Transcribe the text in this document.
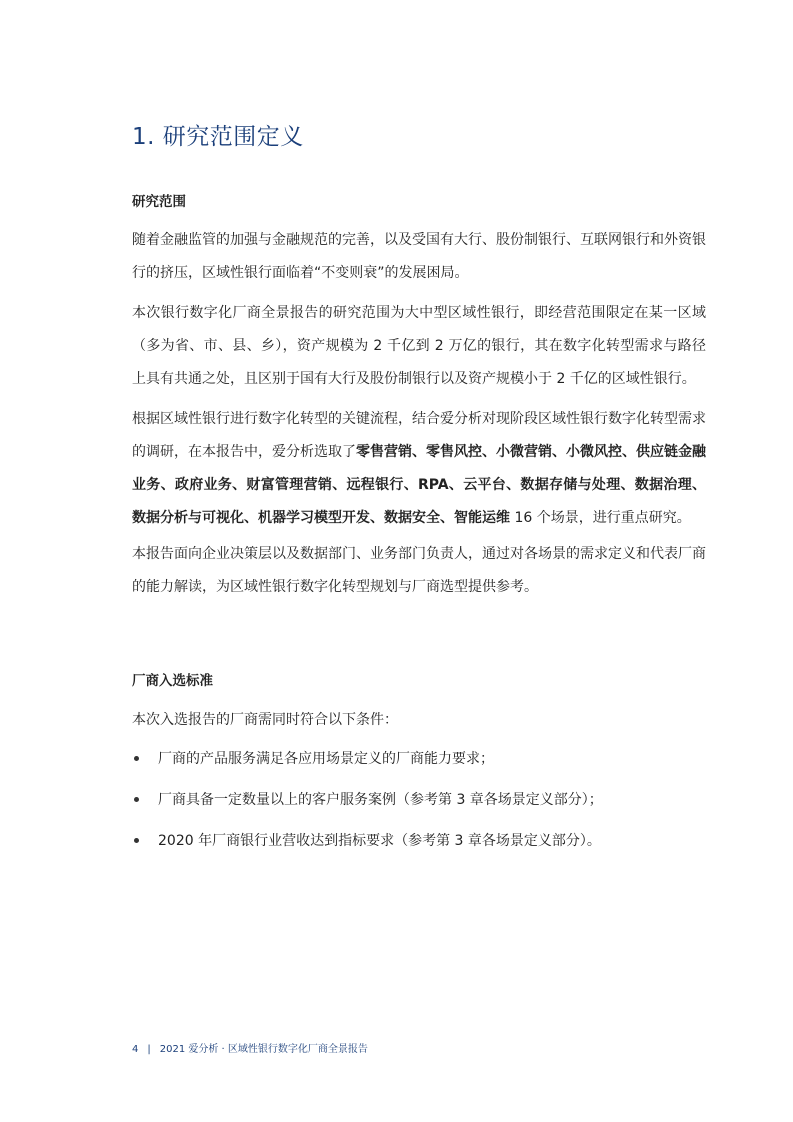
1. 研究范围定义
研究范围

随着金融监管的加强与金融规范的完善，以及受国有大行、股份制银行、互联网银行和外资银行的挤压，区域性银行面临着“不变则衰”的发展困局。

本次银行数字化厂商全景报告的研究范围为大中型区域性银行，即经营范围限定在某一区域（多为省、市、县、乡），资产规模为 2 千亿到 2 万亿的银行，其在数字化转型需求与路径上具有共通之处，且区别于国有大行及股份制银行以及资产规模小于 2 千亿的区域性银行。

根据区域性银行进行数字化转型的关键流程，结合爱分析对现阶段区域性银行数字化转型需求的调研，在本报告中，爱分析选取了零售营销、零售风控、小微营销、小微风控、供应链金融业务、政府业务、财富管理营销、远程银行、RPA、云平台、数据存储与处理、数据治理、数据分析与可视化、机器学习模型开发、数据安全、智能运维 16 个场景，进行重点研究。

本报告面向企业决策层以及数据部门、业务部门负责人，通过对各场景的需求定义和代表厂商的能力解读，为区域性银行数字化转型规划与厂商选型提供参考。

厂商入选标准

本次入选报告的厂商需同时符合以下条件：

厂商的产品服务满足各应用场景定义的厂商能力要求；
厂商具备一定数量以上的客户服务案例（参考第 3 章各场景定义部分）；
2020 年厂商银行业营收达到指标要求（参考第 3 章各场景定义部分）。
4 | 2021 爱分析 · 区域性银行数字化厂商全景报告
